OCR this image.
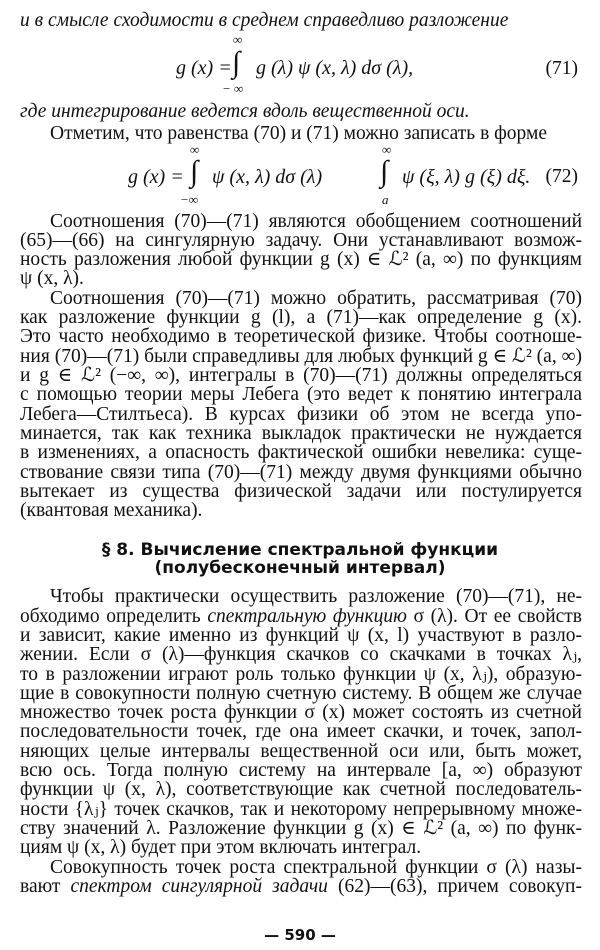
и в смысле сходимости в среднем справедливо разложение
g (x) =
∞
∫
− ∞
g (λ) ψ (x, λ) dσ (λ),	(71)
где интегрирование ведется вдоль вещественной оси.
Отметим, что равенства (70) и (71) можно записать в форме
g (x) =
∞
∫
−∞
ψ (x, λ) dσ (λ)
∞
∫
a
ψ (ξ, λ) g (ξ) dξ. (72)
Соотношения (70)—(71) являются обобщением соотношений
(65)—(66) на сингулярную задачу. Они устанавливают возмож-
ность разложения любой функции g (x) ∈ ℒ² (a, ∞) по функциям
ψ (x, λ).
Соотношения (70)—(71) можно обратить, рассматривая (70)
как разложение функции g (l), а (71)—как определение g (x).
Это часто необходимо в теоретической физике. Чтобы соотноше-
ния (70)—(71) были справедливы для любых функций g ∈ ℒ² (a, ∞)
и g ∈ ℒ² (−∞, ∞), интегралы в (70)—(71) должны определяться
с помощью теории меры Лебега (это ведет к понятию интеграла
Лебега—Стилтьеса). В курсах физики об этом не всегда упо-
минается, так как техника выкладок практически не нуждается
в изменениях, а опасность фактической ошибки невелика: суще-
ствование связи типа (70)—(71) между двумя функциями обычно
вытекает из существа физической задачи или постулируется
(квантовая механика).
§ 8. Вычисление спектральной функции
(полубесконечный интервал)
Чтобы практически осуществить разложение (70)—(71), не-
обходимо определить спектральную функцию σ (λ). От ее свойств
и зависит, какие именно из функций ψ (x, l) участвуют в разло-
жении. Если σ (λ)—функция скачков со скачками в точках λⱼ,
то в разложении играют роль только функции ψ (x, λⱼ), образую-
щие в совокупности полную счетную систему. В общем же случае
множество точек роста функции σ (x) может состоять из счетной
последовательности точек, где она имеет скачки, и точек, запол-
няющих целые интервалы вещественной оси или, быть может,
всю ось. Тогда полную систему на интервале [a, ∞) образуют
функции ψ (x, λ), соответствующие как счетной последователь-
ности {λⱼ} точек скачков, так и некоторому непрерывному множе-
ству значений λ. Разложение функции g (x) ∈ ℒ² (a, ∞) по функ-
циям ψ (x, λ) будет при этом включать интеграл.
Совокупность точек роста спектральной функции σ (λ) назы-
вают спектром сингулярной задачи (62)—(63), причем совокуп-
— 590 —
